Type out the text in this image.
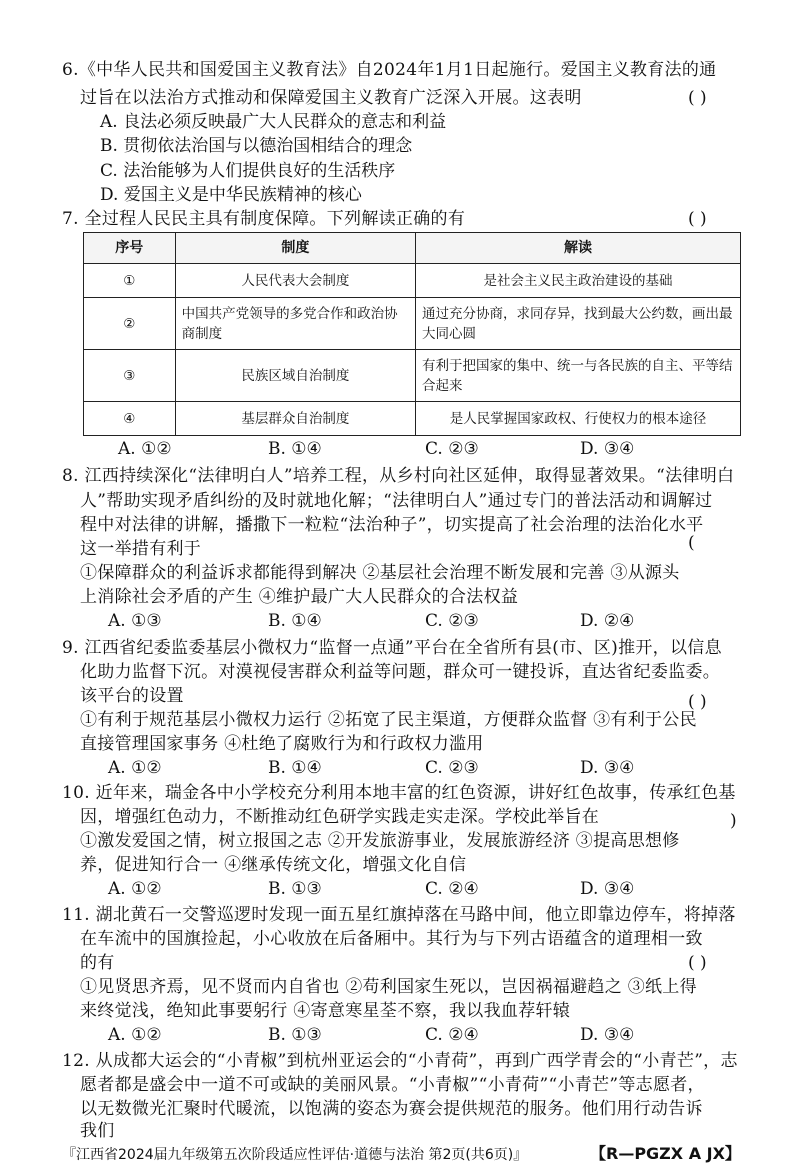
6.《中华人民共和国爱国主义教育法》自2024年1月1日起施行。爱国主义教育法的通
过旨在以法治方式推动和保障爱国主义教育广泛深入开展。这表明	( )
A. 良法必须反映最广大人民群众的意志和利益
B. 贯彻依法治国与以德治国相结合的理念
C. 法治能够为人们提供良好的生活秩序
D. 爱国主义是中华民族精神的核心
7. 全过程人民民主具有制度保障。下列解读正确的有	( )
序号	制度	解读
①	人民代表大会制度	是社会主义民主政治建设的基础
②	中国共产党领导的多党合作和政治协商制度	通过充分协商，求同存异，找到最大公约数，画出最大同心圆
③	民族区域自治制度	有利于把国家的集中、统一与各民族的自主、平等结合起来
④	基层群众自治制度	是人民掌握国家政权、行使权力的根本途径
A. ①②	B. ①④	C. ②③	D. ③④
8. 江西持续深化“法律明白人”培养工程，从乡村向社区延伸，取得显著效果。“法律明白
人”帮助实现矛盾纠纷的及时就地化解；“法律明白人”通过专门的普法活动和调解过
程中对法律的讲解，播撒下一粒粒“法治种子”，切实提高了社会治理的法治化水平
这一举措有利于	(
①保障群众的利益诉求都能得到解决 ②基层社会治理不断发展和完善 ③从源头
上消除社会矛盾的产生 ④维护最广大人民群众的合法权益
A. ①③	B. ①④	C. ②③	D. ②④
9. 江西省纪委监委基层小微权力“监督一点通”平台在全省所有县(市、区)推开，以信息
化助力监督下沉。对漠视侵害群众利益等问题，群众可一键投诉，直达省纪委监委。
该平台的设置	( )
①有利于规范基层小微权力运行 ②拓宽了民主渠道，方便群众监督 ③有利于公民
直接管理国家事务 ④杜绝了腐败行为和行政权力滥用
A. ①②	B. ①④	C. ②③	D. ③④
10. 近年来，瑞金各中小学校充分利用本地丰富的红色资源，讲好红色故事，传承红色基
因，增强红色动力，不断推动红色研学实践走实走深。学校此举旨在	)
①激发爱国之情，树立报国之志 ②开发旅游事业，发展旅游经济 ③提高思想修
养，促进知行合一 ④继承传统文化，增强文化自信
A. ①②	B. ①③	C. ②④	D. ③④
11. 湖北黄石一交警巡逻时发现一面五星红旗掉落在马路中间，他立即靠边停车，将掉落
在车流中的国旗捡起，小心收放在后备厢中。其行为与下列古语蕴含的道理相一致
的有	( )
①见贤思齐焉，见不贤而内自省也 ②苟利国家生死以，岂因祸福避趋之 ③纸上得
来终觉浅，绝知此事要躬行 ④寄意寒星荃不察，我以我血荐轩辕
A. ①②	B. ①③	C. ②④	D. ③④
12. 从成都大运会的“小青椒”到杭州亚运会的“小青荷”，再到广西学青会的“小青芒”，志
愿者都是盛会中一道不可或缺的美丽风景。“小青椒”“小青荷”“小青芒”等志愿者，
以无数微光汇聚时代暖流，以饱满的姿态为赛会提供规范的服务。他们用行动告诉
『江西省2024届九年级第五次阶段适应性评估·道德与法治 第2页(共6页)』	【R—PGZX A JX】
我们
